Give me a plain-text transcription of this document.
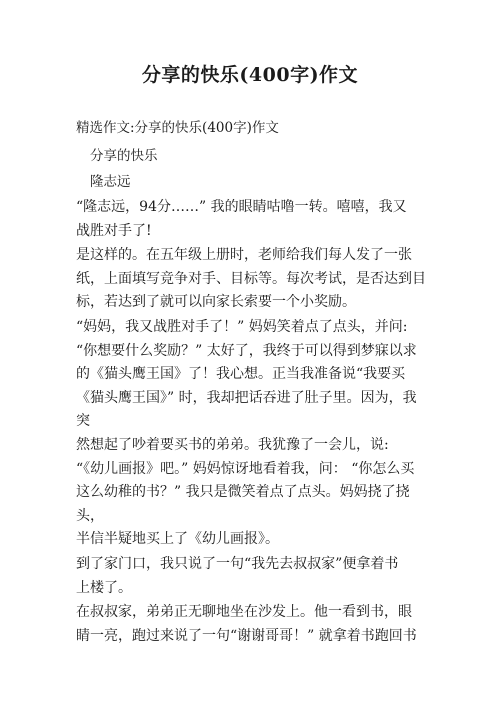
分享的快乐(400字)作文
精选作文:分享的快乐(400字)作文
分享的快乐
隆志远

“隆志远，94分……” 我的眼睛咕噜一转。嘻嘻，我又
战胜对手了!

是这样的。在五年级上册时，老师给我们每人发了一张
纸，上面填写竞争对手、目标等。每次考试，是否达到目
标，若达到了就可以向家长索要一个小奖励。

“妈妈，我又战胜对手了！” 妈妈笑着点了点头，并问:
“你想要什么奖励？” 太好了，我终于可以得到梦寐以求
的《猫头鹰王国》了！我心想。正当我准备说“我要买
《猫头鹰王国》” 时，我却把话吞进了肚子里。因为，我突
然想起了吵着要买书的弟弟。我犹豫了一会儿，说:
“《幼儿画报》吧。” 妈妈惊讶地看着我，问： “你怎么买
这么幼稚的书？” 我只是微笑着点了点头。妈妈挠了挠头，
半信半疑地买上了《幼儿画报》。

到了家门口，我只说了一句“我先去叔叔家”便拿着书
上楼了。

在叔叔家，弟弟正无聊地坐在沙发上。他一看到书，眼
睛一亮，跑过来说了一句“谢谢哥哥！” 就拿着书跑回书
